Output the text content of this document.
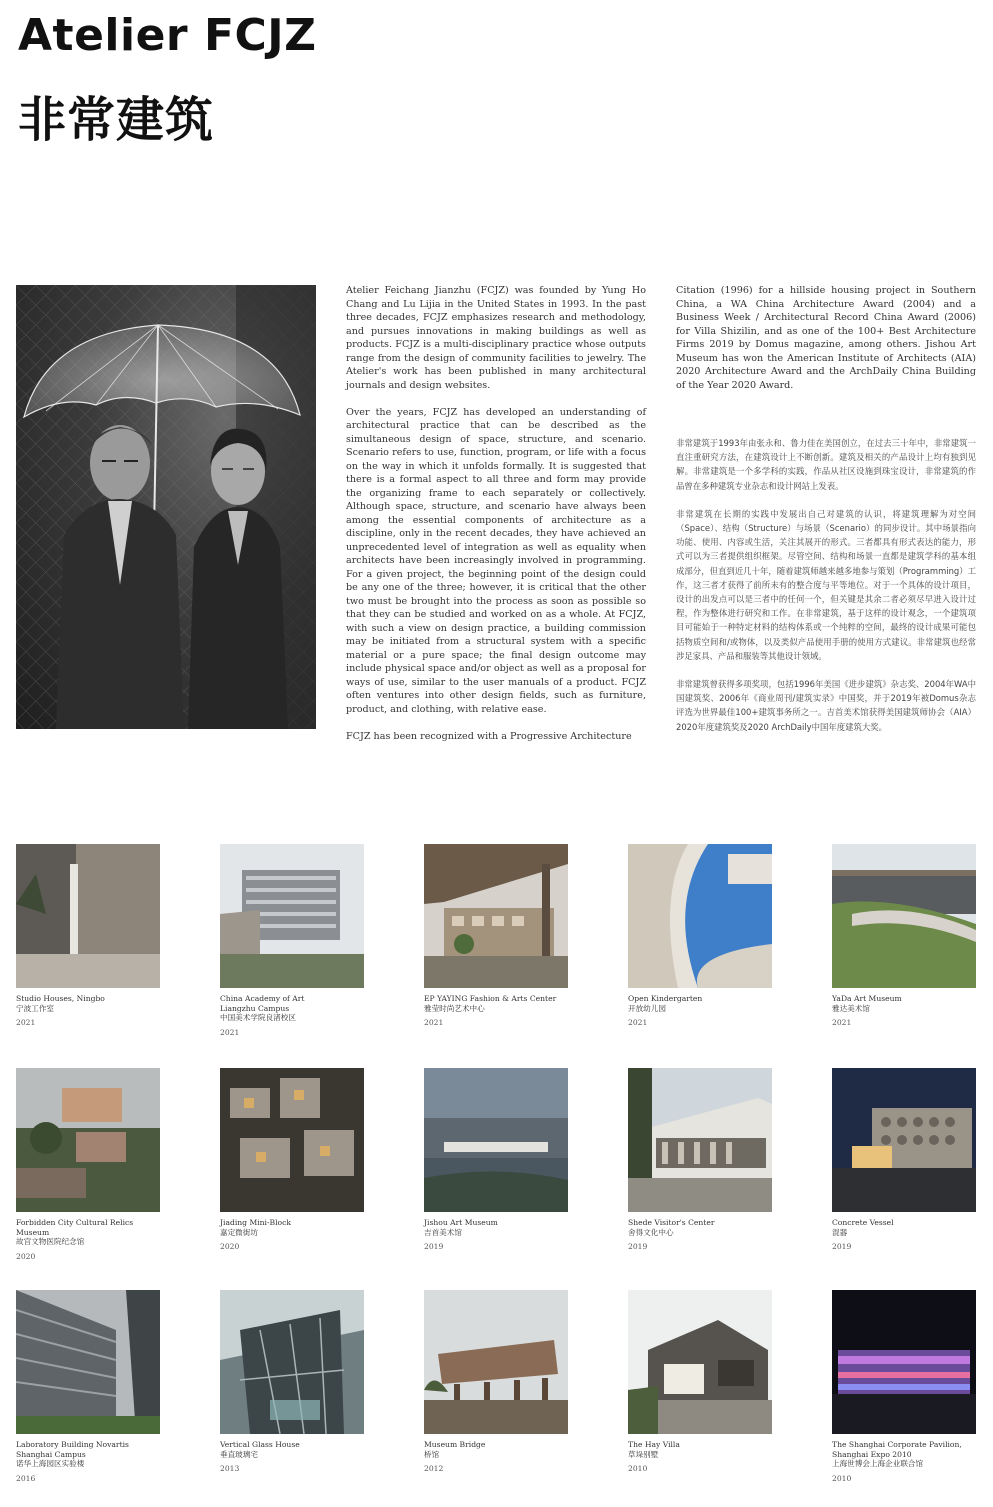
Atelier FCJZ
非常建筑

Atelier Feichang Jianzhu (FCJZ) was founded by Yung Ho Chang and Lu Lijia in the United States in 1993. In the past three decades, FCJZ emphasizes research and methodology, and pursues innovations in making buildings as well as products. FCJZ is a multi-disciplinary practice whose outputs range from the design of community facilities to jewelry. The Atelier's work has been published in many architectural journals and design websites.

Over the years, FCJZ has developed an understanding of architectural practice that can be described as the simultaneous design of space, structure, and scenario. Scenario refers to use, function, program, or life with a focus on the way in which it unfolds formally. It is suggested that there is a formal aspect to all three and form may provide the organizing frame to each separately or collectively. Although space, structure, and scenario have always been among the essential components of architecture as a discipline, only in the recent decades, they have achieved an unprecedented level of integration as well as equality when architects have been increasingly involved in programming. For a given project, the beginning point of the design could be any one of the three; however, it is critical that the other two must be brought into the process as soon as possible so that they can be studied and worked on as a whole. At FCJZ, with such a view on design practice, a building commission may be initiated from a structural system with a specific material or a pure space; the final design outcome may include physical space and/or object as well as a proposal for ways of use, similar to the user manuals of a product. FCJZ often ventures into other design fields, such as furniture, product, and clothing, with relative ease.

FCJZ has been recognized with a Progressive Architecture

Citation (1996) for a hillside housing project in Southern China, a WA China Architecture Award (2004) and a Business Week / Architectural Record China Award (2006) for Villa Shizilin, and as one of the 100+ Best Architecture Firms 2019 by Domus magazine, among others. Jishou Art Museum has won the American Institute of Architects (AIA) 2020 Architecture Award and the ArchDaily China Building of the Year 2020 Award.

非常建筑于1993年由张永和、鲁力佳在美国创立，在过去三十年中，非常建筑一直注重研究方法，在建筑设计上不断创新。建筑及相关的产品设计上均有独到见解。非常建筑是一个多学科的实践，作品从社区设施到珠宝设计，非常建筑的作品曾在多种建筑专业杂志和设计网站上发表。

非常建筑在长期的实践中发展出自己对建筑的认识，将建筑理解为对空间（Space）、结构（Structure）与场景（Scenario）的同步设计。其中场景指向功能、使用、内容或生活，关注其展开的形式。三者都具有形式表达的能力，形式可以为三者提供组织框架。尽管空间、结构和场景一直都是建筑学科的基本组成部分，但直到近几十年，随着建筑师越来越多地参与策划（Programming）工作，这三者才获得了前所未有的整合度与平等地位。对于一个具体的设计项目，设计的出发点可以是三者中的任何一个，但关键是其余二者必须尽早进入设计过程，作为整体进行研究和工作。在非常建筑，基于这样的设计观念，一个建筑项目可能始于一种特定材料的结构体系或一个纯粹的空间，最终的设计成果可能包括物质空间和/或物体，以及类似产品使用手册的使用方式建议。非常建筑也经常涉足家具、产品和服装等其他设计领域。

非常建筑曾获得多项奖项，包括1996年美国《进步建筑》杂志奖、2004年WA中国建筑奖、2006年《商业周刊/建筑实录》中国奖，并于2019年被Domus杂志评选为世界最佳100+建筑事务所之一。吉首美术馆获得美国建筑师协会（AIA）2020年度建筑奖及2020 ArchDaily中国年度建筑大奖。

Studio Houses, Ningbo
宁波工作室
2021
China Academy of Art
Liangzhu Campus
中国美术学院良渚校区
2021
EP YAYING Fashion & Arts Center
雅莹时尚艺术中心
2021
Open Kindergarten
开放幼儿园
2021
YaDa Art Museum
雅达美术馆
2021
Forbidden City Cultural Relics Museum
故宫文物医院纪念馆
2020
Jiading Mini-Block
嘉定微街坊
2020
Jishou Art Museum
吉首美术馆
2019
Shede Visitor's Center
舍得文化中心
2019
Concrete Vessel
混器
2019
Laboratory Building Novartis
Shanghai Campus
诺华上海园区实验楼
2016
Vertical Glass House
垂直玻璃宅
2013
Museum Bridge
桥馆
2012
The Hay Villa
草垛别墅
2010
The Shanghai Corporate Pavilion,
Shanghai Expo 2010
上海世博会上海企业联合馆
2010
